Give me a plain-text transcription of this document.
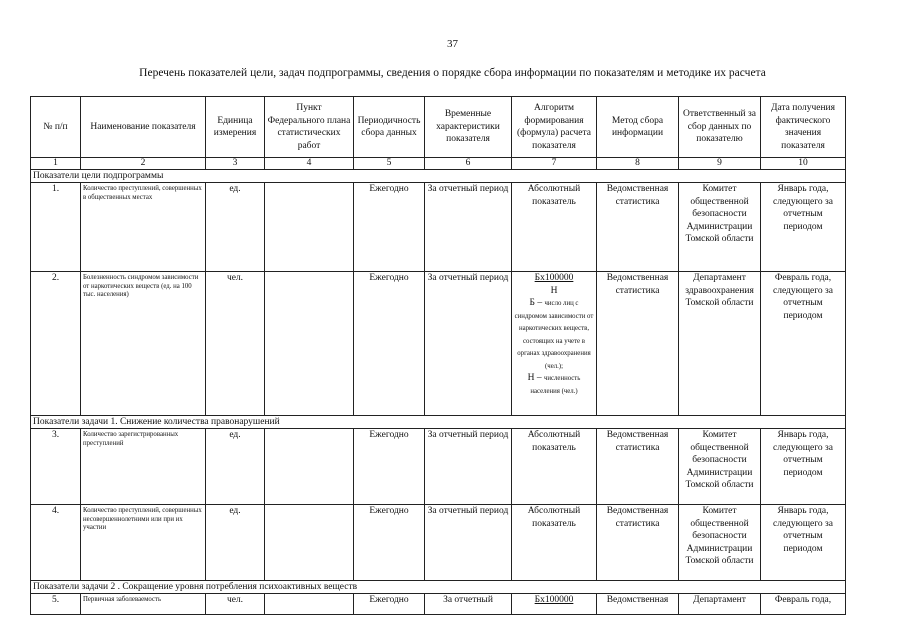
37
Перечень показателей цели, задач подпрограммы, сведения о порядке сбора информации по показателям и методике их расчета
№ п/п	Наименование показателя	Единица измерения	Пункт Федерального плана статистических работ	Периодичность сбора данных	Временные характеристики показателя	Алгоритм формирования (формула) расчета показателя	Метод сбора информации	Ответственный за сбор данных по показателю	Дата получения фактического значения показателя
1	2	3	4	5	6	7	8	9	10
Показатели цели подпрограммы									
1.	Количество преступлений, совершенных в общественных местах	ед.		Ежегодно	За отчетный период	Абсолютный показатель	Ведомственная статистика	Комитет общественной безопасности Администрации Томской области	Январь года, следующего за отчетным периодом
2.	Болезненность синдромом зависимости от наркотических веществ (ед. на 100 тыс. населения)	чел.		Ежегодно	За отчетный период	Бх100000
Н
Б – число лиц с синдромом зависимости от наркотических веществ, состоящих на учете в органах здравоохранения (чел.);
Н – численность населения (чел.)	Ведомственная статистика	Департамент здравоохранения Томской области	Февраль года, следующего за отчетным периодом
Показатели задачи 1. Снижение количества правонарушений									
3.	Количество зарегистрированных преступлений	ед.		Ежегодно	За отчетный период	Абсолютный показатель	Ведомственная статистика	Комитет общественной безопасности Администрации Томской области	Январь года, следующего за отчетным периодом
4.	Количество преступлений, совершенных несовершеннолетними или при их участии	ед.		Ежегодно	За отчетный период	Абсолютный показатель	Ведомственная статистика	Комитет общественной безопасности Администрации Томской области	Январь года, следующего за отчетным периодом
Показатели задачи 2 . Сокращение уровня потребления психоактивных веществ									
5.	Первичная заболеваемость	чел.		Ежегодно	За отчетный	Бх100000	Ведомственная	Департамент	Февраль года,
